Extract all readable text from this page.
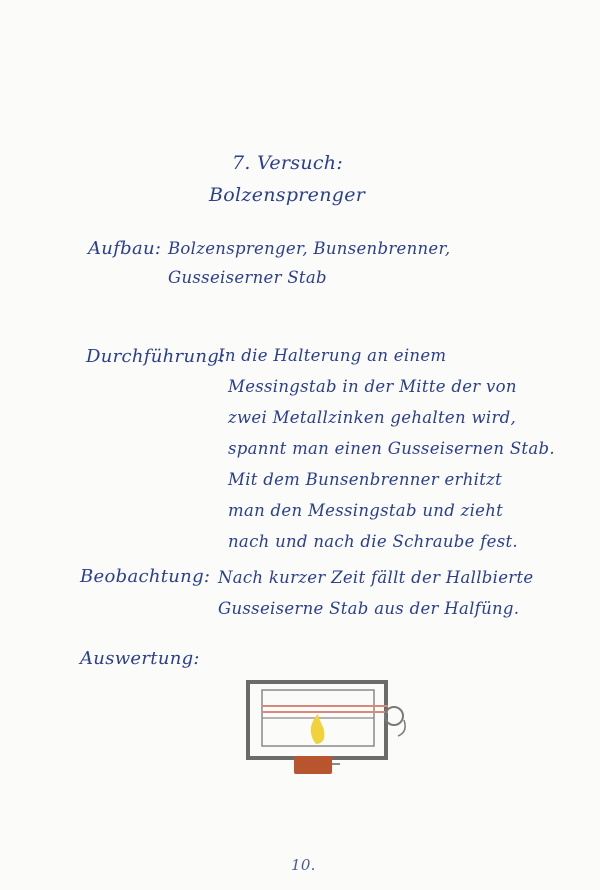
7. Versuch:
Bolzensprenger
Aufbau: Bolzensprenger, Bunsenbrenner,
Gusseiserner Stab
Durchführung:
In die Halterung an einem
Messingstab in der Mitte der von
zwei Metallzinken gehalten wird,
spannt man einen Gusseisernen Stab.
Mit dem Bunsenbrenner erhitzt
man den Messingstab und zieht
nach und nach die Schraube fest.
Beobachtung: Nach kurzer Zeit fällt der Hallbierte
Gusseiserne Stab aus der Halfüng.
Auswertung:
10.
